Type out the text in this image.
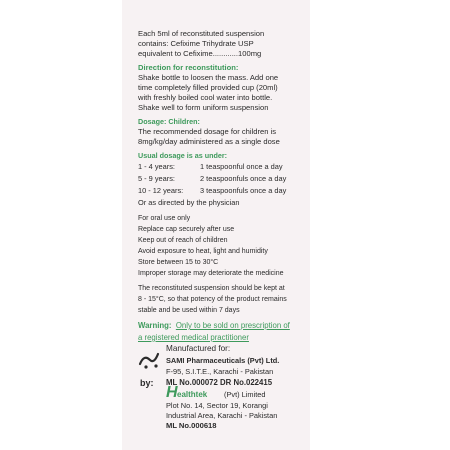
Each 5ml of reconstituted suspension
contains: Cefixime Trihydrate USP
equivalent to Cefixime............100mg
Direction for reconstitution:
Shake bottle to loosen the mass. Add one
time completely filled provided cup (20ml)
with freshly boiled cool water into bottle.
Shake well to form uniform suspension
Dosage: Children:
The recommended dosage for children is
8mg/kg/day administered as a single dose
Usual dosage is as under:
1 - 4 years:	1 teaspoonful once a day
5 - 9 years:	2 teaspoonfuls once a day
10 - 12 years: 3 teaspoonfuls once a day
Or as directed by the physician
For oral use only
Replace cap securely after use
Keep out of reach of children
Avoid exposure to heat, light and humidity
Store between 15 to 30°C
Improper storage may deteriorate the medicine
The reconstituted suspension should be kept at
8 - 15°C, so that potency of the product remains
stable and be used within 7 days
Warning: Only to be sold on prescription of
a registered medical practitioner
Manufactured for:
SAMI Pharmaceuticals (Pvt) Ltd.
F-95, S.I.T.E., Karachi - Pakistan
ML No.000072 DR No.022415
by:
H ealthtek (Pvt) Limited
Plot No. 14, Sector 19, Korangi
Industrial Area, Karachi - Pakistan
ML No.000618
